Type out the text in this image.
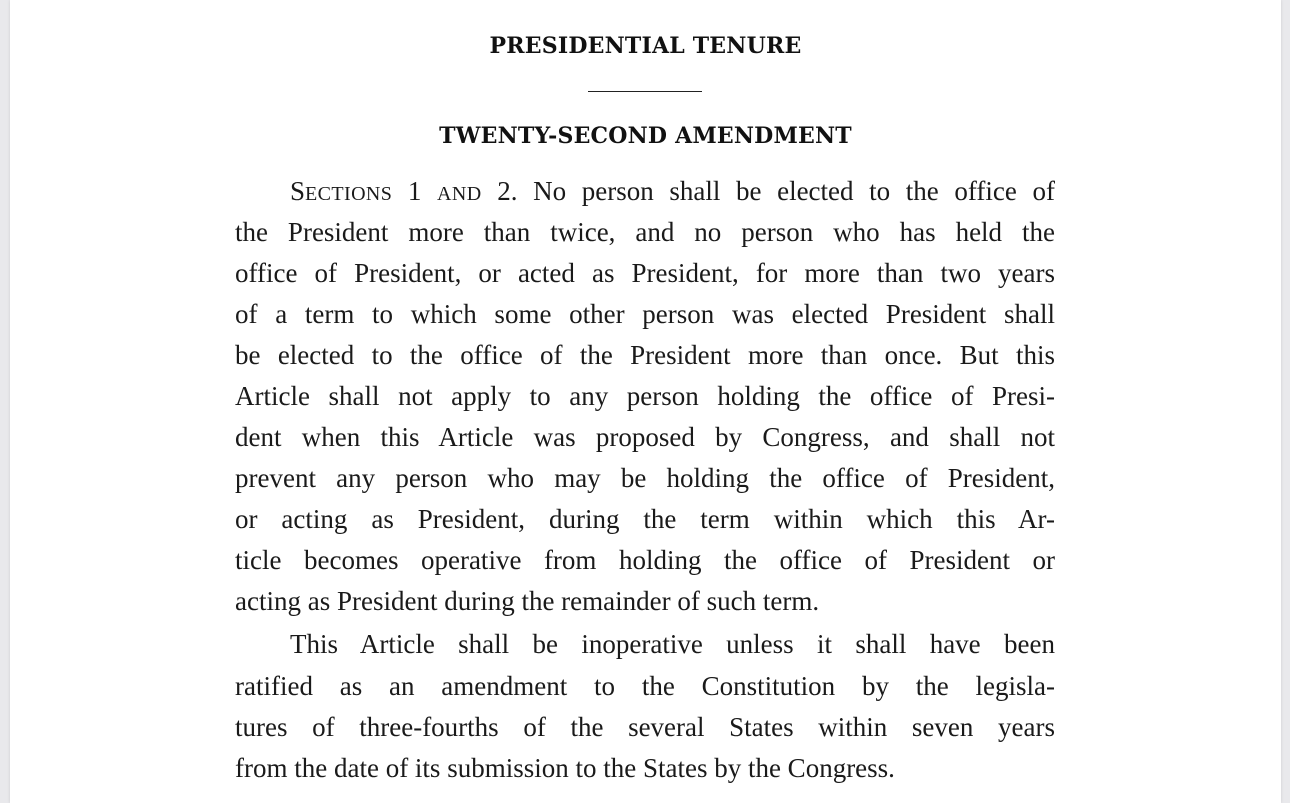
PRESIDENTIAL TENURE
TWENTY-SECOND AMENDMENT
SECTIONS 1 AND 2. No person shall be elected to the office of
the President more than twice, and no person who has held the
office of President, or acted as President, for more than two years
of a term to which some other person was elected President shall
be elected to the office of the President more than once. But this
Article shall not apply to any person holding the office of Presi-
dent when this Article was proposed by Congress, and shall not
prevent any person who may be holding the office of President,
or acting as President, during the term within which this Ar-
ticle becomes operative from holding the office of President or
acting as President during the remainder of such term.
This Article shall be inoperative unless it shall have been
ratified as an amendment to the Constitution by the legisla-
tures of three-fourths of the several States within seven years
from the date of its submission to the States by the Congress.
